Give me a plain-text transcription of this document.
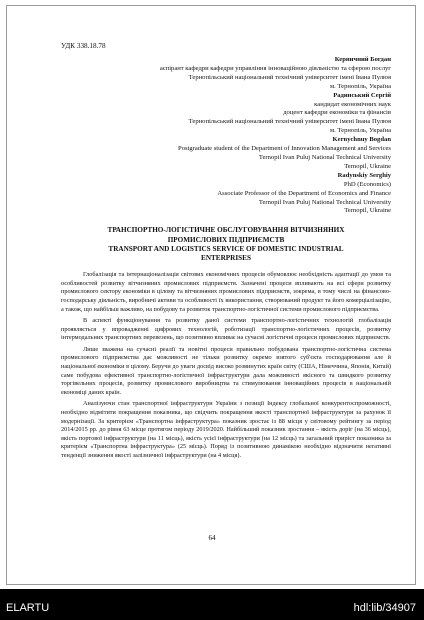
УДК 338.18.78
Керничний Богдан
аспірант кафедри кафедри управління інноваційною діяльністю та сферою послуг
Тернопільський національний технічний університет імені Івана Пулюя
м. Тернопіль, Україна
Радинський Сергій
кандидат економічних наук
доцент кафедри економіки та фінансів
Тернопільський національний технічний університет імені Івана Пулюя
м. Тернопіль, Україна
Kernychnuy Bogdan
Postgraduate student of the Department of Innovation Management and Services
Ternopil Ivan Puluj National Technical University
Ternopil, Ukraine
Radynskiy Serghiy
PhD (Economics)
Associate Professor of the Department of Economics and Finance
Ternopil Ivan Puluj National Technical University
Ternopil, Ukraine
ТРАНСПОРТНО-ЛОГІСТИЧНЕ ОБСЛУГОВУВАННЯ ВІТЧИЗНЯНИХ
ПРОМИСЛОВИХ ПІДПРИЄМСТВ
TRANSPORT AND LOGISTICS SERVICE OF DOMESTIC INDUSTRIAL
ENTERPRISES

Глобалізація та інтернаціоналізація світових економічних процесів обумовлює необхідність адаптації до умов та особливостей розвитку вітчизняних промислових підприємств. Зазначені процеси впливають на всі сфери розвитку промислового сектору економіки в цілому та вітчизняних промислових підприємств, зокрема, в тому числі на фінансово-господарську діяльність, виробничі активи та особливості їх використання, створюваний продукт та його комерціалізацію, а також, що найбільш важливо, на побудову та розвиток транспортно-логістичної системи промислового підприємства.

В аспекті функціонування та розвитку даної системи транспортно-логістичних технологій глобалізація проявляється у впровадженні цифрових технологій, роботизації транспортно-логістичних процесів, розвитку інтермодальних транспортних перевезень, що позитивно впливає на сучасні логістичні процеси промислових підприємств.

Лише зважена на сучасні реалії та новітні процеси правильно побудована транспортно-логістична система промислового підприємства дає можливості не тільки розвитку окремо взятого суб'єкта господарювання але й національної економіки в цілому. Беручи до уваги досвід високо розвинутих країн світу (США, Німеччина, Японія, Китай) саме побудова ефективної транспортно-логістичної інфраструктури дала можливості якісного та швидкого розвитку торгівельних процесів, розвитку промислового виробництва та стимулювання інноваційних процесів в національній економіці даних країн.

Аналізуючи стан транспортної інфраструктури України з позиції Індексу глобальної конкурентоспроможності, необхідно відмітити покращення показника, що свідчить покращення якості транспортної інфраструктури за рахунок її модернізації. За критерієм «Транспортна інфраструктура» показник зростає із 88 місця у світовому рейтингу за період 2014/2015 рр. до рівня 63 місце протягом періоду 2019/2020. Найбільший показник зростання – якість доріг (на 36 місць), якість портової інфраструктури (на 11 місць), якість усієї інфраструктури (на 12 місць) та загальний приріст показника за критерієм «Транспортна інфраструктура» (25 місць). Поряд із позитивною динамікою необхідно відзначити негативні тенденції зниження якості залізничної інфраструктури (на 4 місця).

64
ELARTU	hdl:lib/34907
